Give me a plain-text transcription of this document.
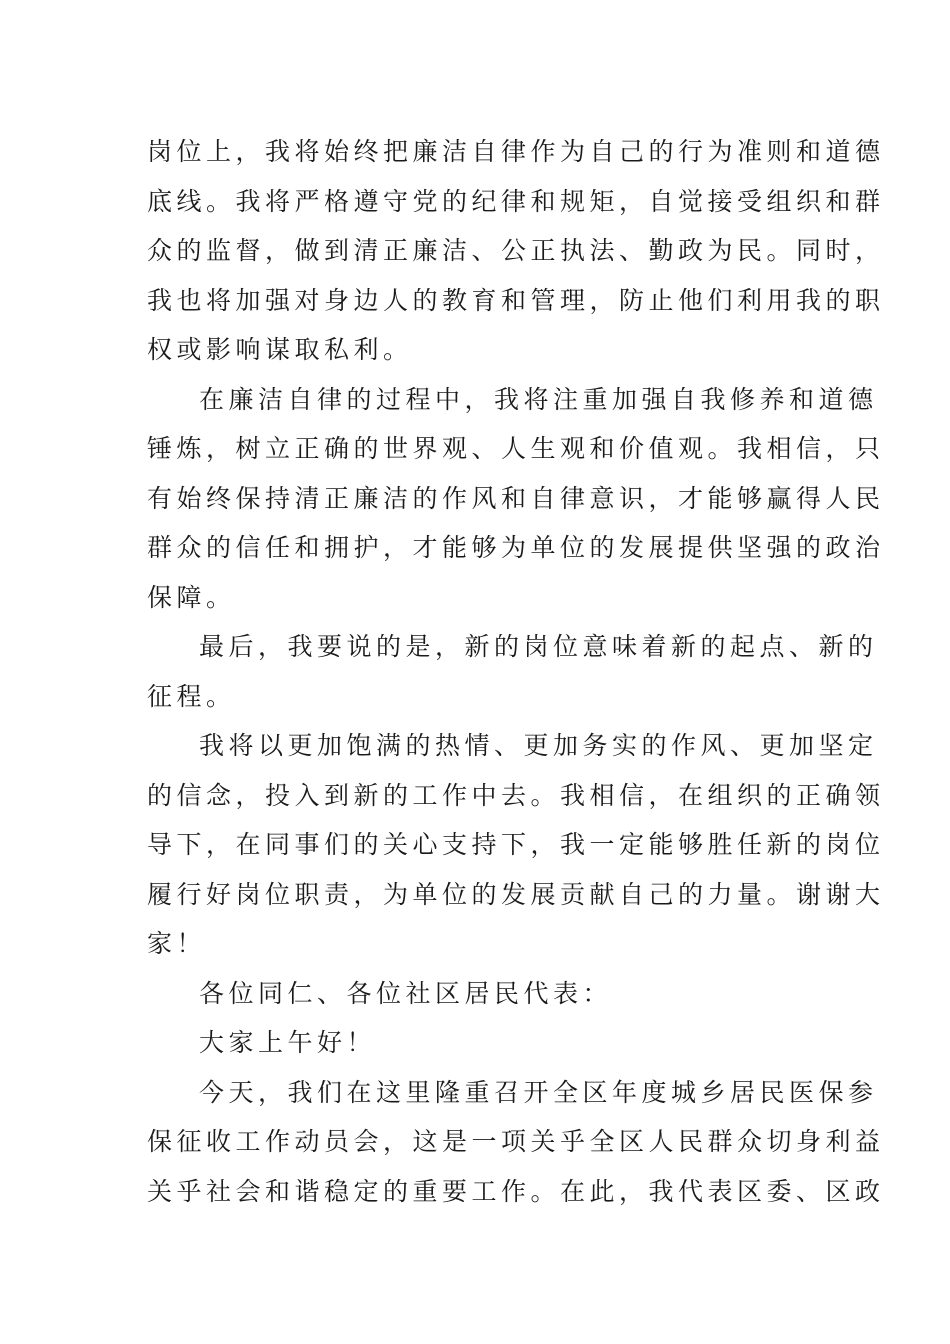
岗位上，我将始终把廉洁自律作为自己的行为准则和道德
底线。我将严格遵守党的纪律和规矩，自觉接受组织和群
众的监督，做到清正廉洁、公正执法、勤政为民。同时，
我也将加强对身边人的教育和管理，防止他们利用我的职
权或影响谋取私利。

在廉洁自律的过程中，我将注重加强自我修养和道德
锤炼，树立正确的世界观、人生观和价值观。我相信，只
有始终保持清正廉洁的作风和自律意识，才能够赢得人民
群众的信任和拥护，才能够为单位的发展提供坚强的政治
保障。

最后，我要说的是，新的岗位意味着新的起点、新的
征程。

我将以更加饱满的热情、更加务实的作风、更加坚定
的信念，投入到新的工作中去。我相信，在组织的正确领
导下，在同事们的关心支持下，我一定能够胜任新的岗位
履行好岗位职责，为单位的发展贡献自己的力量。谢谢大
家！

各位同仁、各位社区居民代表：

大家上午好！

今天，我们在这里隆重召开全区年度城乡居民医保参
保征收工作动员会，这是一项关乎全区人民群众切身利益
关乎社会和谐稳定的重要工作。在此，我代表区委、区政
